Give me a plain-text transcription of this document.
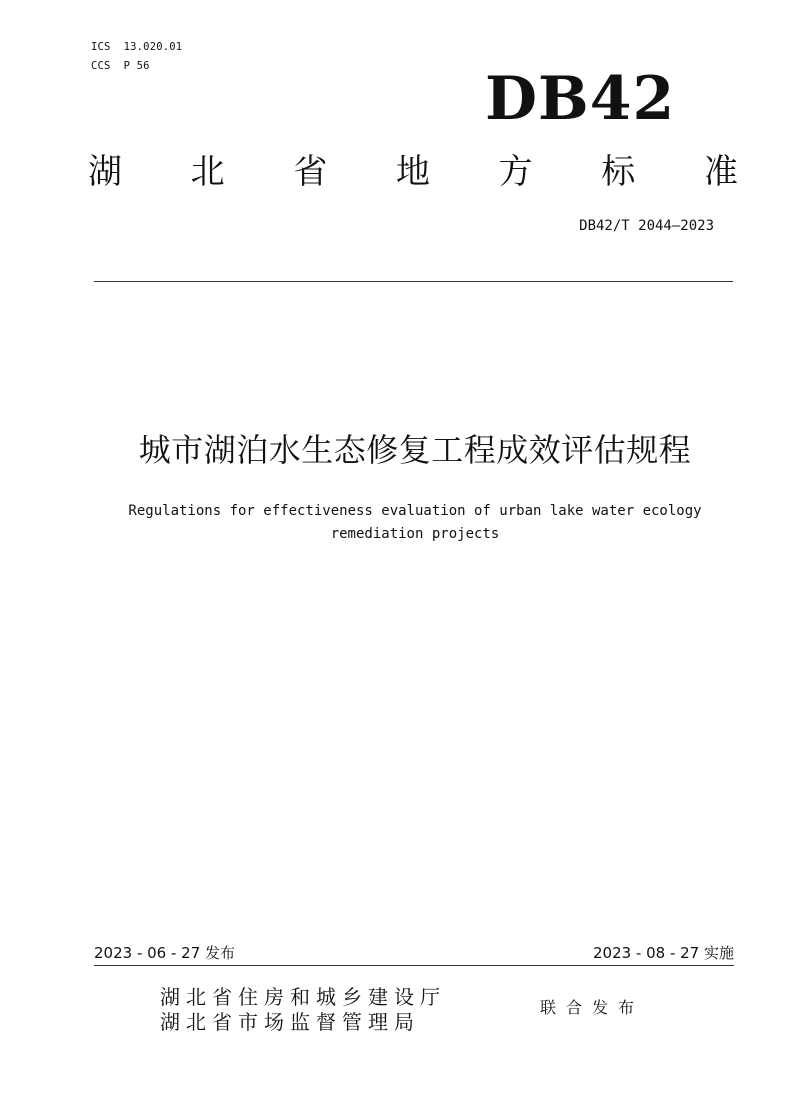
ICS  13.020.01
CCS  P 56	DB42
湖 北 省 地 方 标 准
DB42/T 2044—2023
城市湖泊水生态修复工程成效评估规程
Regulations for effectiveness evaluation of urban lake water ecology
remediation projects
2023 - 06 - 27 发布	2023 - 08 - 27 实施
湖北省住房和城乡建设厅
湖北省市场监督管理局
联合发布
